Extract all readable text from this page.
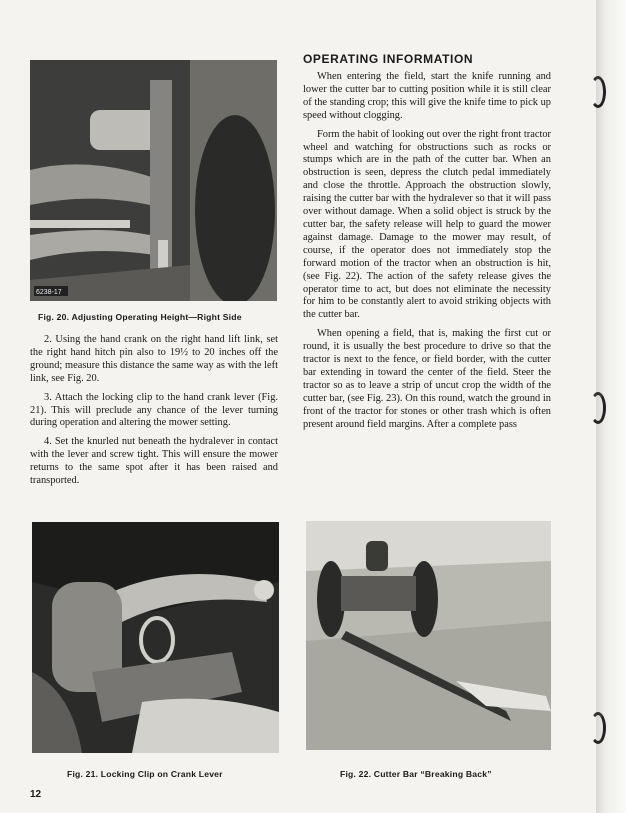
6238-17
Fig. 20. Adjusting Operating Height—Right Side

2. Using the hand crank on the right hand lift link, set the right hand hitch pin also to 19½ to 20 inches off the ground; measure this distance the same way as with the left link, see Fig. 20.

3. Attach the locking clip to the hand crank lever (Fig. 21). This will preclude any chance of the lever turning during operation and altering the mower setting.

4. Set the knurled nut beneath the hydralever in contact with the lever and screw tight. This will ensure the mower returns to the same spot after it has been raised and transported.

OPERATING INFORMATION

When entering the field, start the knife running and lower the cutter bar to cutting position while it is still clear of the standing crop; this will give the knife time to pick up speed without clogging.

Form the habit of looking out over the right front tractor wheel and watching for obstructions such as rocks or stumps which are in the path of the cutter bar. When an obstruction is seen, depress the clutch pedal immediately and close the throttle. Approach the obstruction slowly, raising the cutter bar with the hydralever so that it will pass over without damage. When a solid object is struck by the cutter bar, the safety release will help to guard the mower against damage. Damage to the mower may result, of course, if the operator does not immediately stop the forward motion of the tractor when an obstruction is hit, (see Fig. 22). The action of the safety release gives the operator time to act, but does not eliminate the necessity for him to be constantly alert to avoid striking objects with the cutter bar.

When opening a field, that is, making the first cut or round, it is usually the best procedure to drive so that the tractor is next to the fence, or field border, with the cutter bar extending in toward the center of the field. Steer the tractor so as to leave a strip of uncut crop the width of the cutter bar, (see Fig. 23). On this round, watch the ground in front of the tractor for stones or other trash which is often present around field margins. After a complete pass

Fig. 21. Locking Clip on Crank Lever	Fig. 22. Cutter Bar “Breaking Back”
12
